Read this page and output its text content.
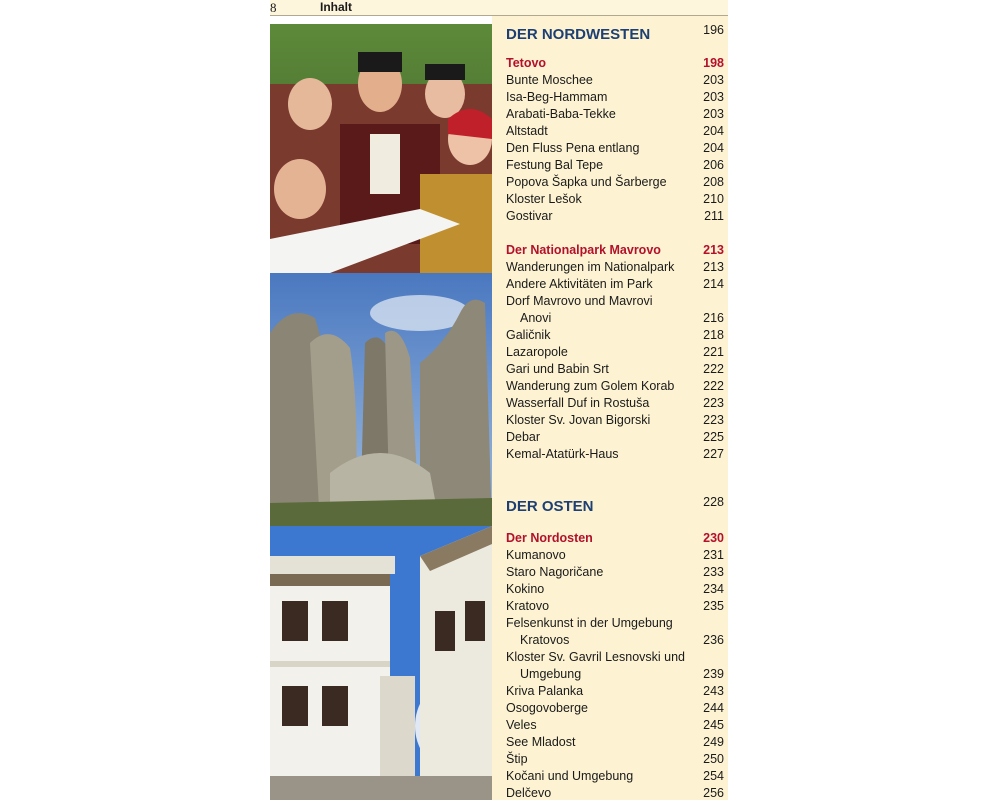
8	Inhalt
DER NORDWESTEN	196
Tetovo	198
Bunte Moschee	203
Isa-Beg-Hammam	203
Arabati-Baba-Tekke	203
Altstadt	204
Den Fluss Pena entlang	204
Festung Bal Tepe	206
Popova Šapka und Šarberge	208
Kloster Lešok	210
Gostivar	211
Der Nationalpark Mavrovo	213
Wanderungen im Nationalpark 213
Andere Aktivitäten im Park	214
Dorf Mavrovo und Mavrovi
Anovi	216
Galičnik	218
Lazaropole	221
Gari und Babin Srt	222
Wanderung zum Golem Korab 222
Wasserfall Duf in Rostuša	223
Kloster Sv. Jovan Bigorski	223
Debar	225
Kemal-Atatürk-Haus	227
DER OSTEN	228
Der Nordosten	230
Kumanovo	231
Staro Nagoričane	233
Kokino	234
Kratovo	235
Felsenkunst in der Umgebung
Kratovos	236
Kloster Sv. Gavril Lesnovski und
Umgebung	239
Kriva Palanka	243
Osogovoberge	244
Veles	245
See Mladost	249
Štip	250
Kočani und Umgebung	254
Delčevo	256
